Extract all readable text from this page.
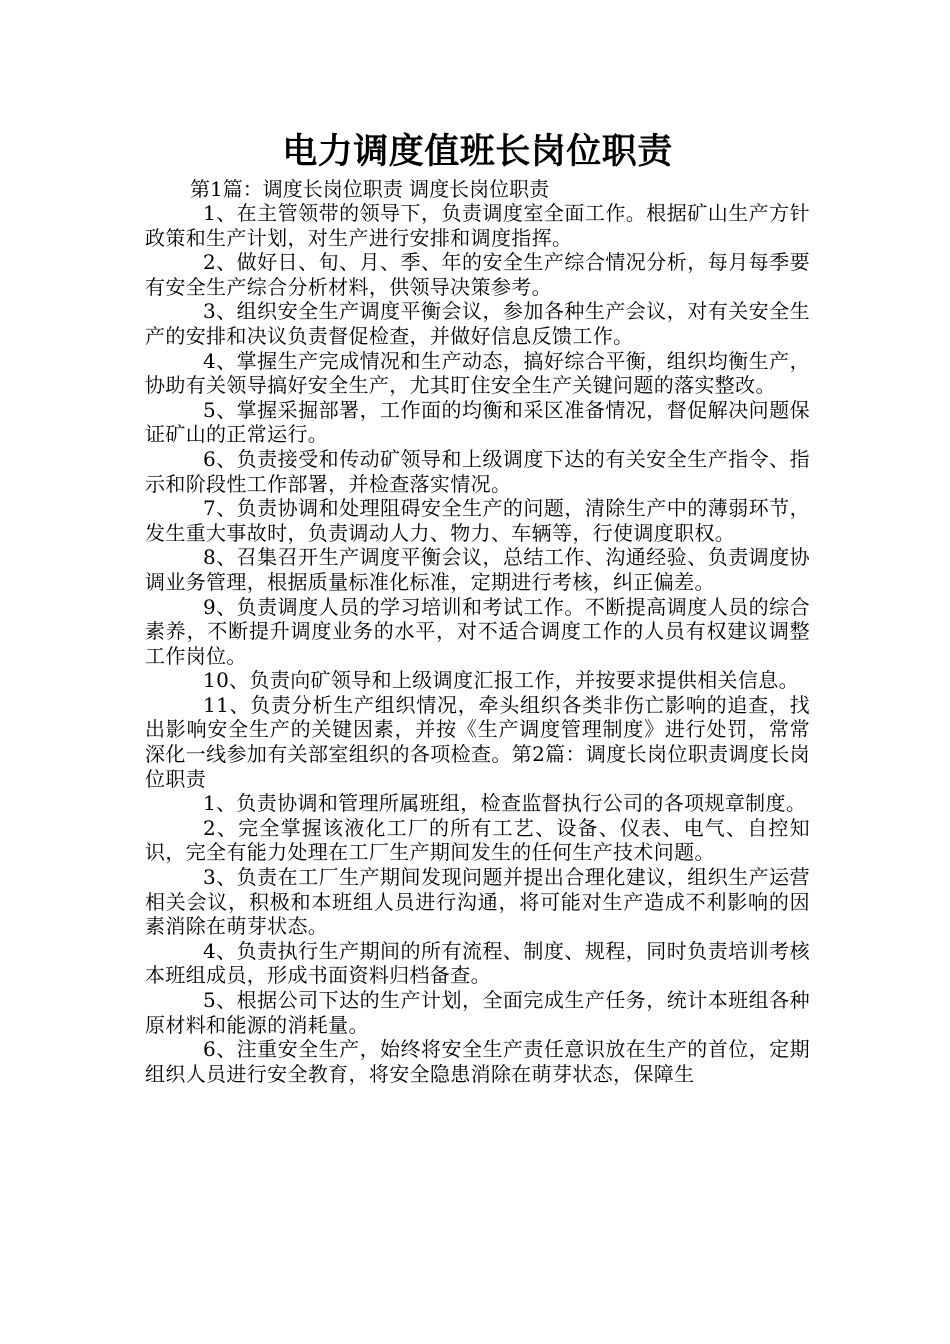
电力调度值班长岗位职责

第1篇：调度长岗位职责 调度长岗位职责

1、在主管领带的领导下，负责调度室全面工作。根据矿山生产方针政策和生产计划，对生产进行安排和调度指挥。

2、做好日、旬、月、季、年的安全生产综合情况分析，每月每季要有安全生产综合分析材料，供领导决策参考。

3、组织安全生产调度平衡会议，参加各种生产会议，对有关安全生产的安排和决议负责督促检查，并做好信息反馈工作。

4、掌握生产完成情况和生产动态，搞好综合平衡，组织均衡生产，协助有关领导搞好安全生产，尤其盯住安全生产关键问题的落实整改。

5、掌握采掘部署，工作面的均衡和采区准备情况，督促解决问题保证矿山的正常运行。

6、负责接受和传动矿领导和上级调度下达的有关安全生产指令、指示和阶段性工作部署，并检查落实情况。

7、负责协调和处理阻碍安全生产的问题，清除生产中的薄弱环节，发生重大事故时，负责调动人力、物力、车辆等，行使调度职权。

8、召集召开生产调度平衡会议，总结工作、沟通经验、负责调度协调业务管理，根据质量标准化标准，定期进行考核，纠正偏差。

9、负责调度人员的学习培训和考试工作。不断提高调度人员的综合素养，不断提升调度业务的水平，对不适合调度工作的人员有权建议调整工作岗位。

10、负责向矿领导和上级调度汇报工作，并按要求提供相关信息。

11、负责分析生产组织情况，牵头组织各类非伤亡影响的追查，找出影响安全生产的关键因素，并按《生产调度管理制度》进行处罚，常常深化一线参加有关部室组织的各项检查。第2篇：调度长岗位职责调度长岗位职责

1、负责协调和管理所属班组，检查监督执行公司的各项规章制度。

2、完全掌握该液化工厂的所有工艺、设备、仪表、电气、自控知识，完全有能力处理在工厂生产期间发生的任何生产技术问题。

3、负责在工厂生产期间发现问题并提出合理化建议，组织生产运营相关会议，积极和本班组人员进行沟通，将可能对生产造成不利影响的因素消除在萌芽状态。

4、负责执行生产期间的所有流程、制度、规程，同时负责培训考核本班组成员，形成书面资料归档备查。

5、根据公司下达的生产计划，全面完成生产任务，统计本班组各种原材料和能源的消耗量。

6、注重安全生产，始终将安全生产责任意识放在生产的首位，定期组织人员进行安全教育，将安全隐患消除在萌芽状态，保障生
